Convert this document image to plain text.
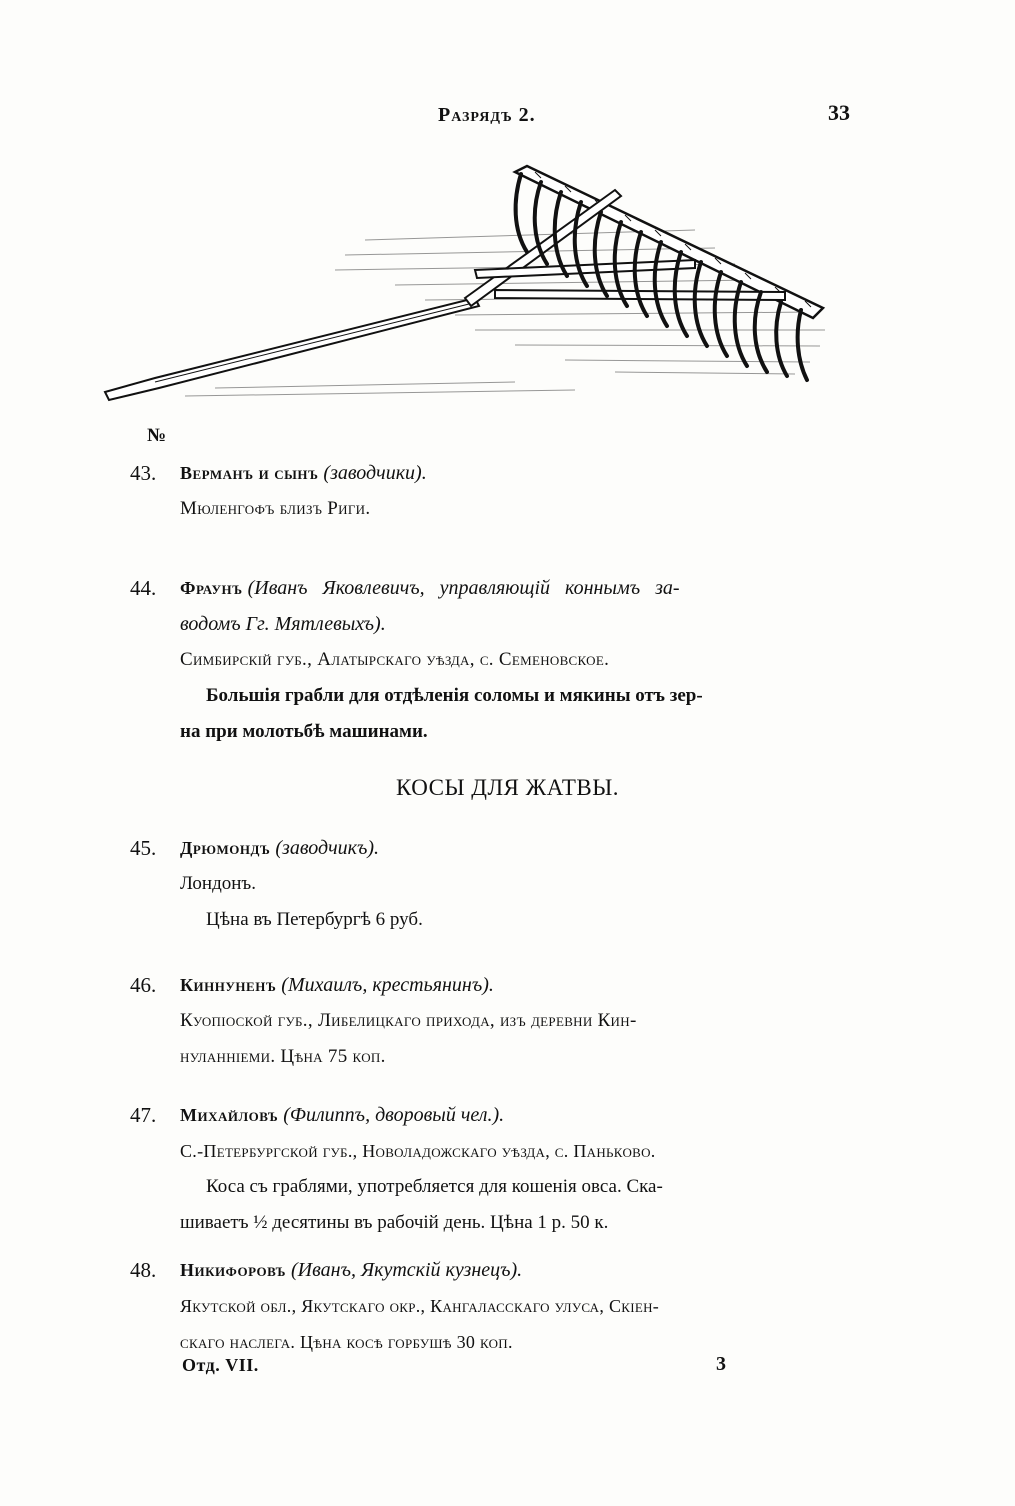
Разрядъ 2.	33
№
43. Верманъ и сынъ (заводчики).
Мюленгофъ близъ Риги.
44. Фраунъ (Иванъ Яковлевичъ, управляющій коннымъ за-
водомъ Гг. Мятлевыхъ).
Симбирскій губ., Алатырскаго уѣзда, с. Семеновское.
Большія грабли для отдѣленія соломы и мякины отъ зер-
на при молотьбѣ машинами.
КОСЫ ДЛЯ ЖАТВЫ.
45. Дрюмондъ (заводчикъ).
Лондонъ.
Цѣна въ Петербургѣ 6 руб.
46. Киннуненъ (Михаилъ, крестьянинъ).
Куопіоской губ., Либелицкаго прихода, изъ деревни Кин-
нуланніеми. Цѣна 75 коп.
47. Михайловъ (Филиппъ, дворовый чел.).
С.-Петербургской губ., Новоладожскаго уѣзда, с. Паньково.
Коса съ граблями, употребляется для кошенія овса. Ска-
шиваетъ ½ десятины въ рабочій день. Цѣна 1 р. 50 к.
48. Никифоровъ (Иванъ, Якутскій кузнецъ).
Якутской обл., Якутскаго окр., Кангаласскаго улуса, Скіен-
скаго наслега. Цѣна косѣ горбушѣ 30 коп.
Отд. VII.	3
